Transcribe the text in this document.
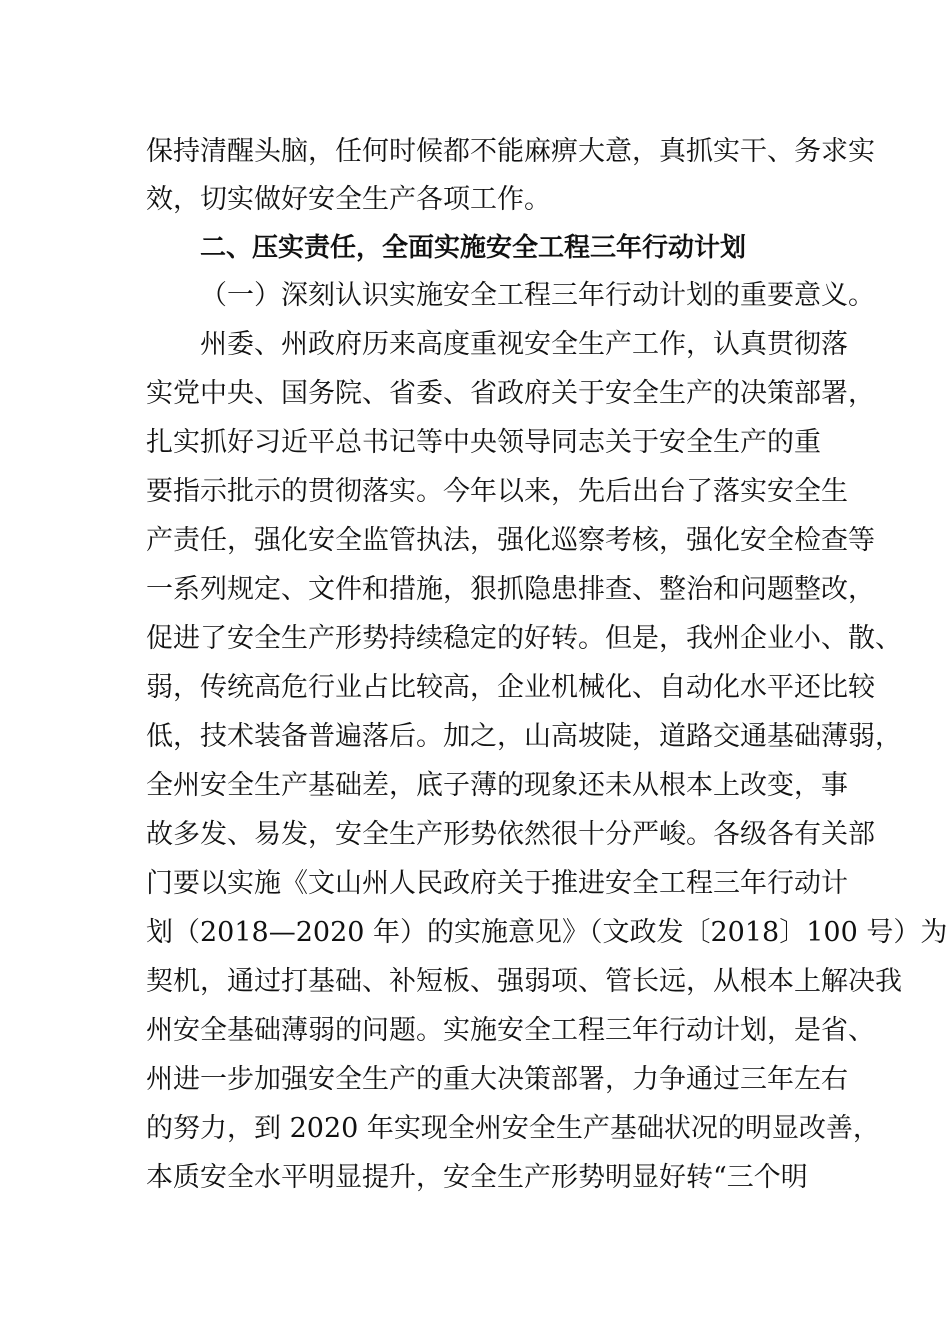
保持清醒头脑，任何时候都不能麻痹大意，真抓实干、务求实
效，切实做好安全生产各项工作。
二、压实责任，全面实施安全工程三年行动计划
（一）深刻认识实施安全工程三年行动计划的重要意义。
州委、州政府历来高度重视安全生产工作，认真贯彻落
实党中央、国务院、省委、省政府关于安全生产的决策部署，
扎实抓好习近平总书记等中央领导同志关于安全生产的重
要指示批示的贯彻落实。今年以来，先后出台了落实安全生
产责任，强化安全监管执法，强化巡察考核，强化安全检查等
一系列规定、文件和措施，狠抓隐患排查、整治和问题整改，
促进了安全生产形势持续稳定的好转。但是，我州企业小、散、
弱，传统高危行业占比较高，企业机械化、自动化水平还比较
低，技术装备普遍落后。加之，山高坡陡，道路交通基础薄弱，
全州安全生产基础差，底子薄的现象还未从根本上改变，事
故多发、易发，安全生产形势依然很十分严峻。各级各有关部
门要以实施《文山州人民政府关于推进安全工程三年行动计
划（2018—2020 年）的实施意见》（文政发〔2018〕100 号）为
契机，通过打基础、补短板、强弱项、管长远，从根本上解决我
州安全基础薄弱的问题。实施安全工程三年行动计划，是省、
州进一步加强安全生产的重大决策部署，力争通过三年左右
的努力，到 2020 年实现全州安全生产基础状况的明显改善，
本质安全水平明显提升，安全生产形势明显好转“三个明
